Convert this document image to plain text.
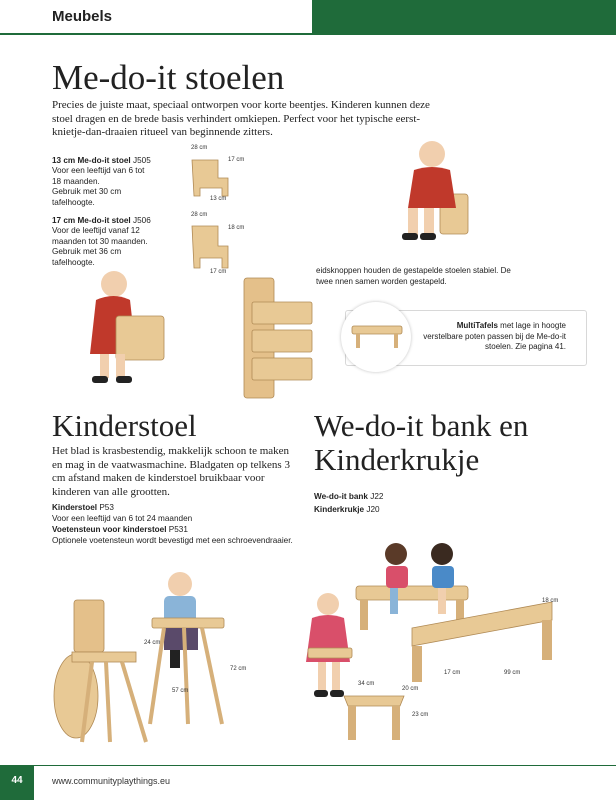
Meubels
Me-do-it stoelen

Precies de juiste maat, speciaal ontworpen voor korte beentjes. Kinderen kunnen deze stoel dragen en de brede basis verhindert omkiepen. Perfect voor het typische eerst-knietje-dan-draaien ritueel van beginnende zitters.

13 cm Me-do-it stoel J505
Voor een leeftijd van 6 tot 18 maanden.
Gebruik met 30 cm tafelhoogte.
17 cm Me-do-it stoel J506
Voor de leeftijd vanaf 12 maanden tot 30 maanden.
Gebruik met 36 cm tafelhoogte.
28 cm
17 cm
13 cm
28 cm
18 cm
17 cm	eidsknoppen houden de gestapelde stoelen stabiel. De twee nnen samen worden gestapeld.
MultiTafels met lage in hoogte verstelbare poten passen bij de Me-do-it stoelen. Zie pagina 41.
Kinderstoel

Het blad is krasbestendig, makkelijk schoon te maken en mag in de vaatwasmachine. Bladgaten op telkens 3 cm afstand maken de kinderstoel bruikbaar voor kinderen van alle grootten.

Kinderstoel P53
Voor een leeftijd van 6 tot 24 maanden
Voetensteun voor kinderstoel P531
Optionele voetensteun wordt bevestigd met een schroevendraaier.
24 cm
72 cm
57 cm
We-do-it bank en Kinderkrukje
We-do-it bank J22
Kinderkrukje J20
18 cm
17 cm	99 cm
34 cm
20 cm
23 cm
44	www.communityplaythings.eu
